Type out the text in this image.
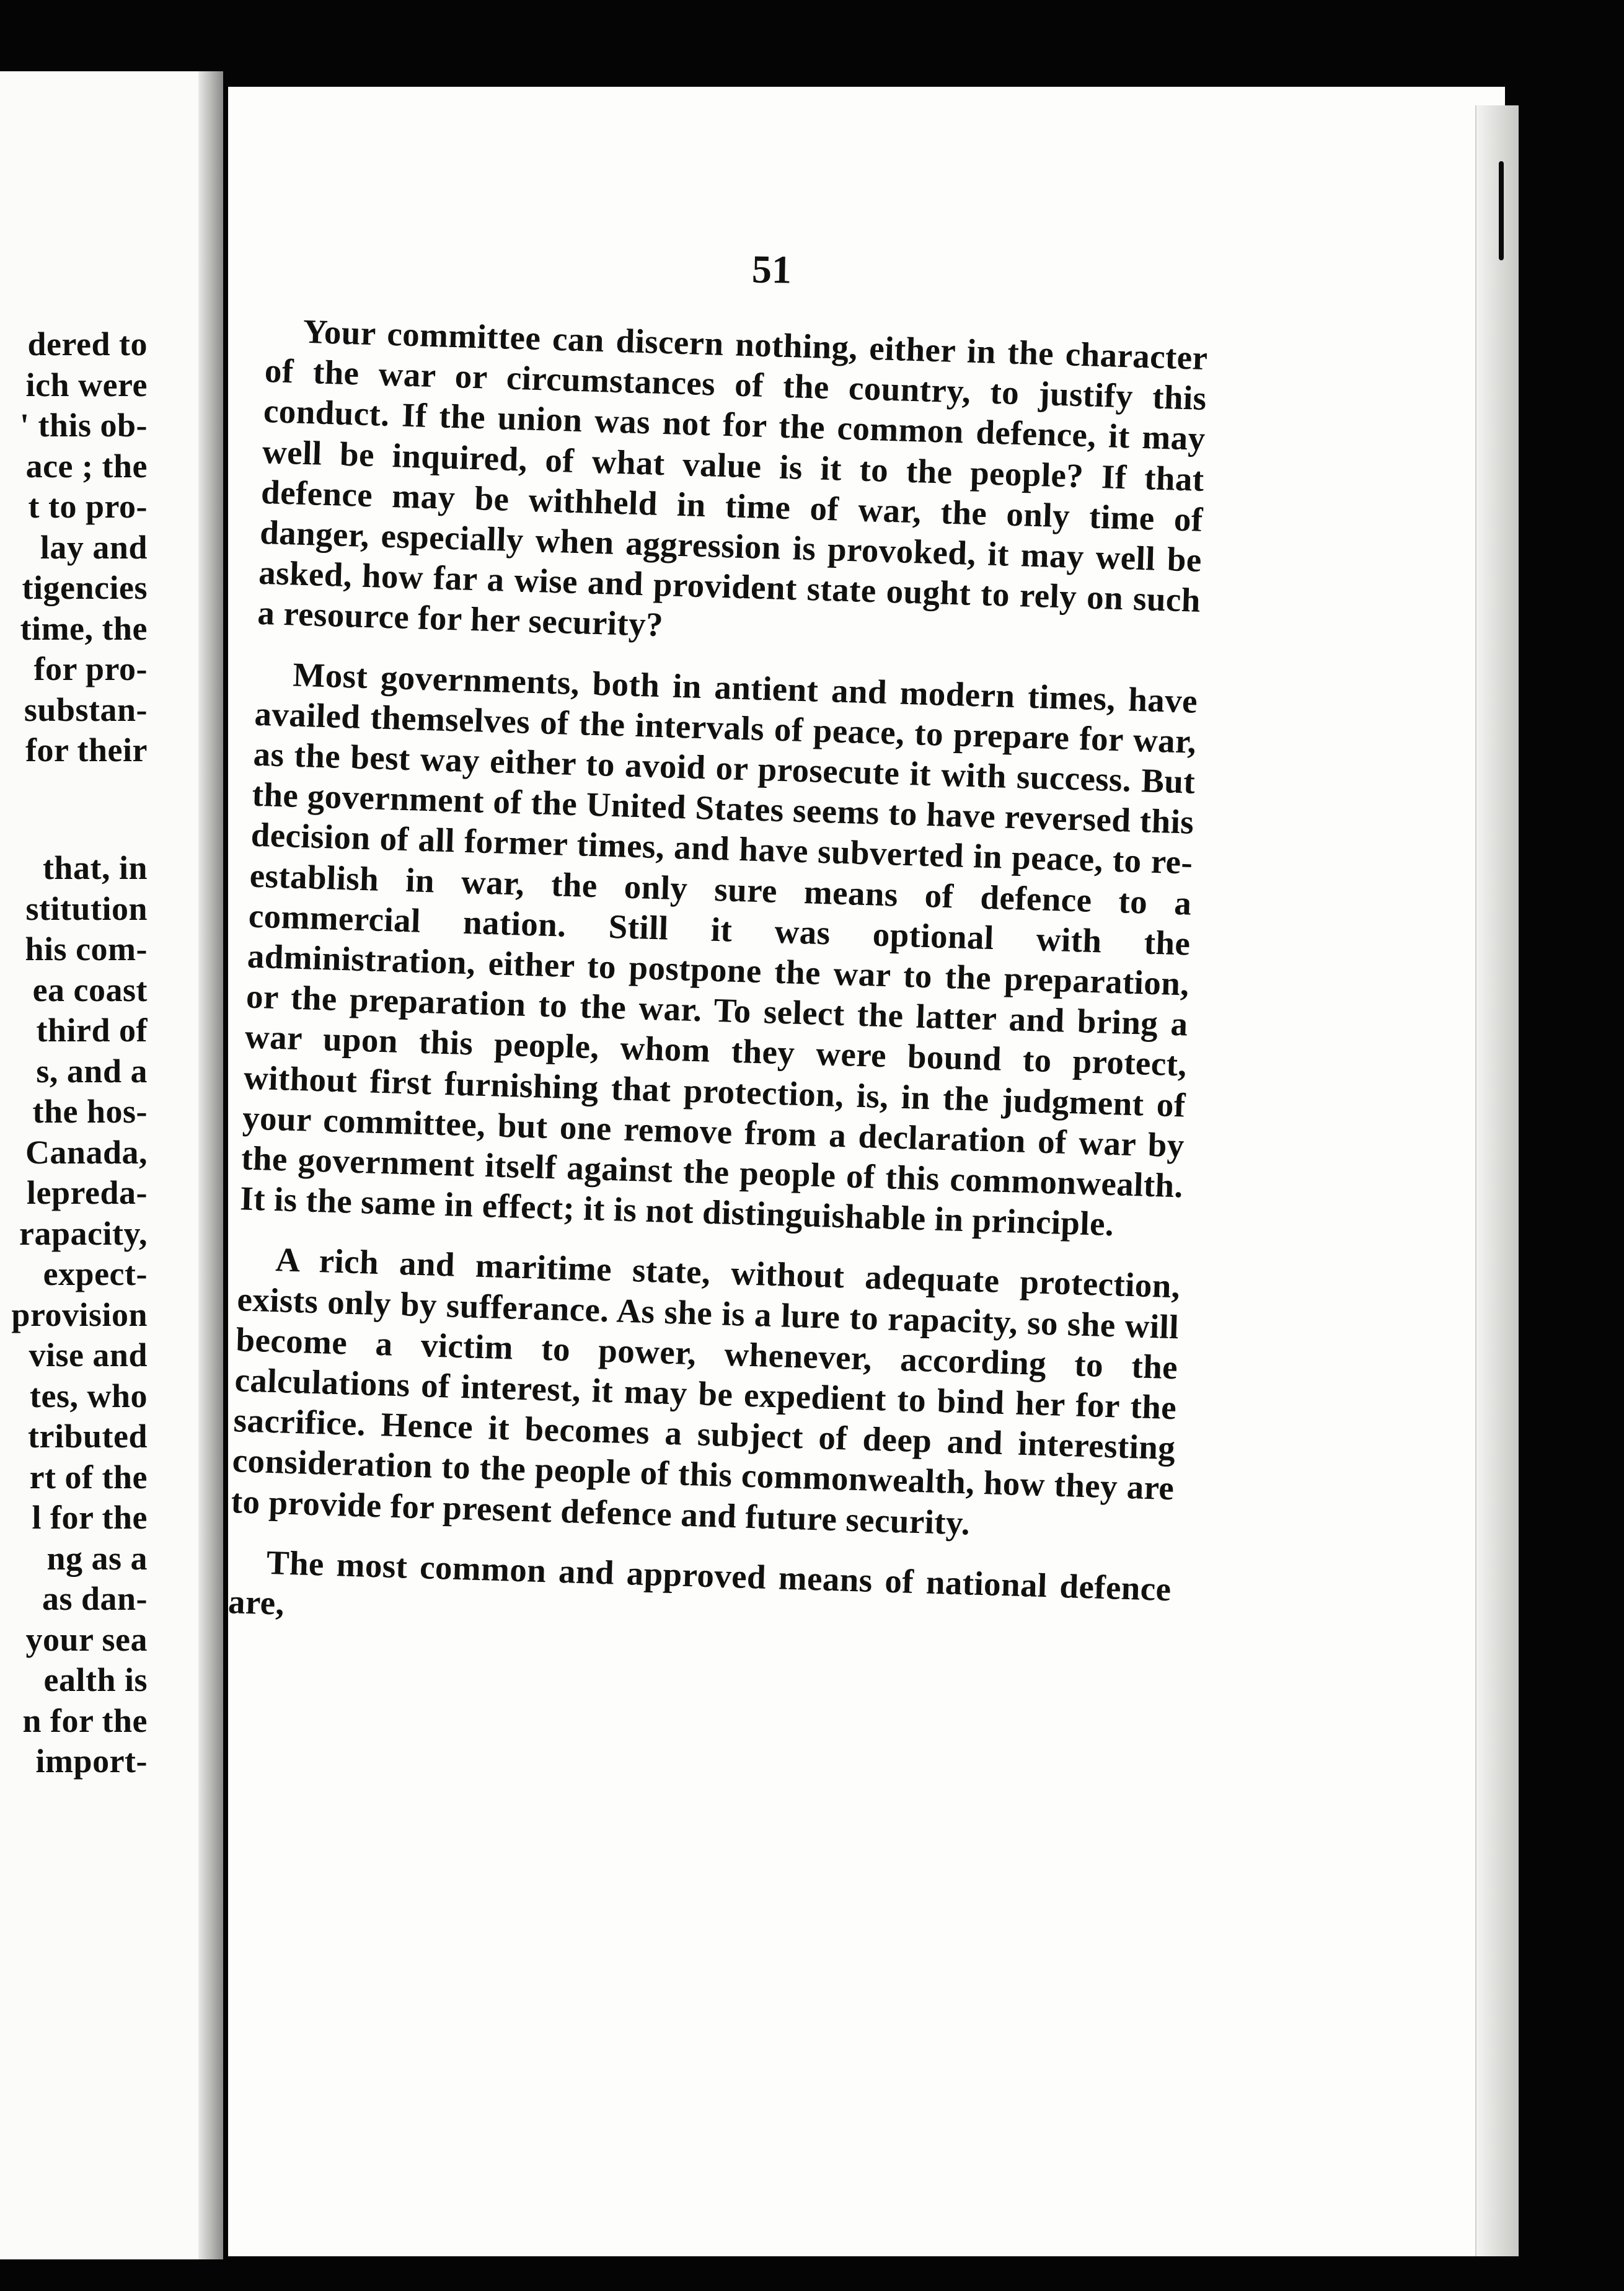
dered to
ich were
' this ob-
ace ; the
t to pro-
lay and
tigencies
time, the
for pro-
substan-
for their
that, in
stitution
his com-
ea coast
third of
s, and a
the hos-
Canada,
lepreda-
rapacity,
expect-
provision
vise and
tes, who
tributed
rt of the
l for the
ng as a
as dan-
your sea
ealth is
n for the
import-
51

Your committee can discern nothing, either in the character of the war or circumstances of the country, to justify this conduct. If the union was not for the common defence, it may well be inquired, of what value is it to the people? If that defence may be withheld in time of war, the only time of danger, especially when aggression is provoked, it may well be asked, how far a wise and provident state ought to rely on such a resource for her security?

Most governments, both in antient and modern times, have availed themselves of the intervals of peace, to prepare for war, as the best way either to avoid or prosecute it with success. But the government of the United States seems to have reversed this decision of all former times, and have subverted in peace, to re-establish in war, the only sure means of defence to a commercial nation. Still it was optional with the administration, either to postpone the war to the preparation, or the preparation to the war. To select the latter and bring a war upon this people, whom they were bound to protect, without first furnishing that protection, is, in the judgment of your committee, but one remove from a declaration of war by the government itself against the people of this commonwealth. It is the same in effect; it is not distinguishable in principle.

A rich and maritime state, without adequate protection, exists only by sufferance. As she is a lure to rapacity, so she will become a victim to power, whenever, according to the calculations of interest, it may be expedient to bind her for the sacrifice. Hence it becomes a subject of deep and interesting consideration to the people of this commonwealth, how they are to provide for present defence and future security.

The most common and approved means of national defence are,
